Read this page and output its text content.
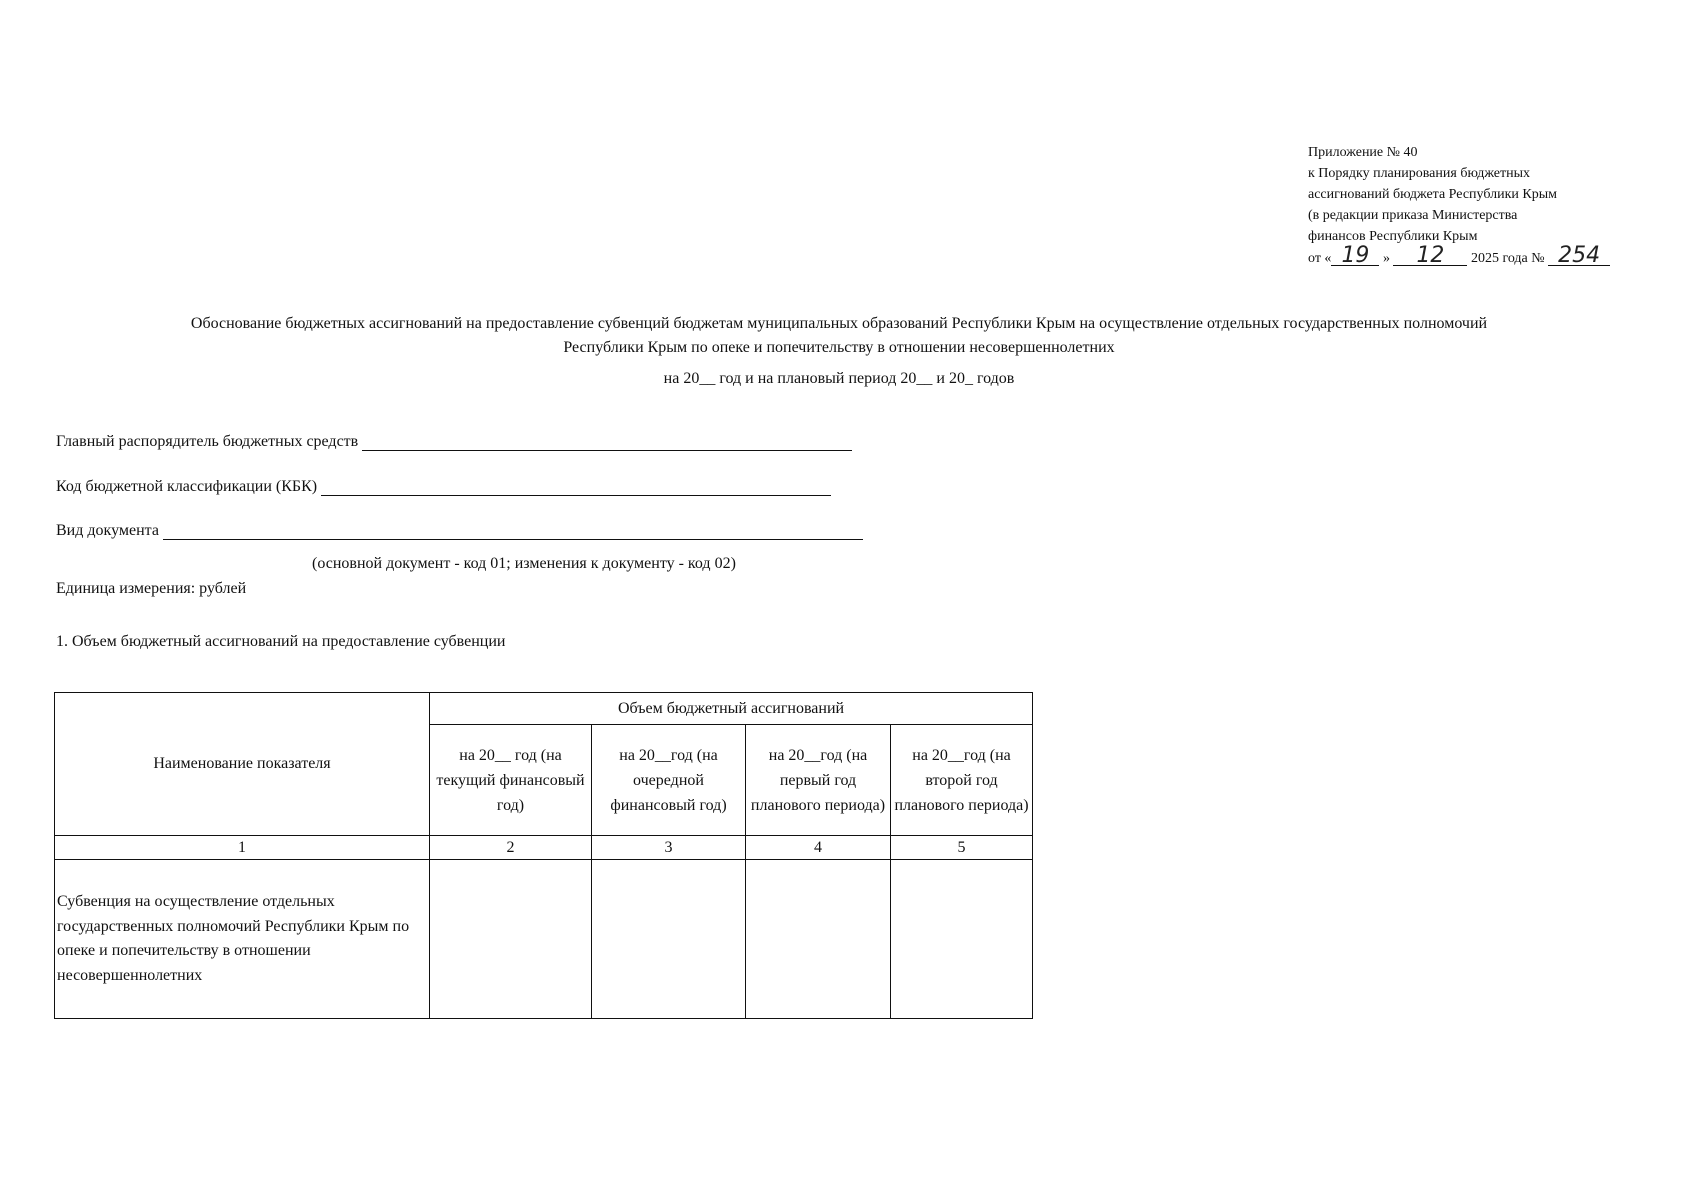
Приложение № 40
к Порядку планирования бюджетных
ассигнований бюджета Республики Крым
(в редакции приказа Министерства
финансов Республики Крым
от « 19 » 12 2025 года № 254
Обоснование бюджетных ассигнований на предоставление субвенций бюджетам муниципальных образований Республики Крым на осуществление отдельных государственных полномочий
Республики Крым по опеке и попечительству в отношении несовершеннолетних
на 20__ год и на плановый период 20__ и 20_ годов
Главный распорядитель бюджетных средств
Код бюджетной классификации (КБК)
Вид документа
(основной документ - код 01; изменения к документу - код 02)
Единица измерения: рублей
1. Объем бюджетный ассигнований на предоставление субвенции
Наименование показателя	Объем бюджетный ассигнований			
	на 20__ год (на текущий финансовый год)	на 20__год (на очередной финансовый год)	на 20__год (на первый год планового периода)	на 20__год (на второй год планового периода)
1	2	3	4	5
Субвенция на осуществление отдельных государственных полномочий Республики Крым по опеке и попечительству в отношении несовершеннолетних				
